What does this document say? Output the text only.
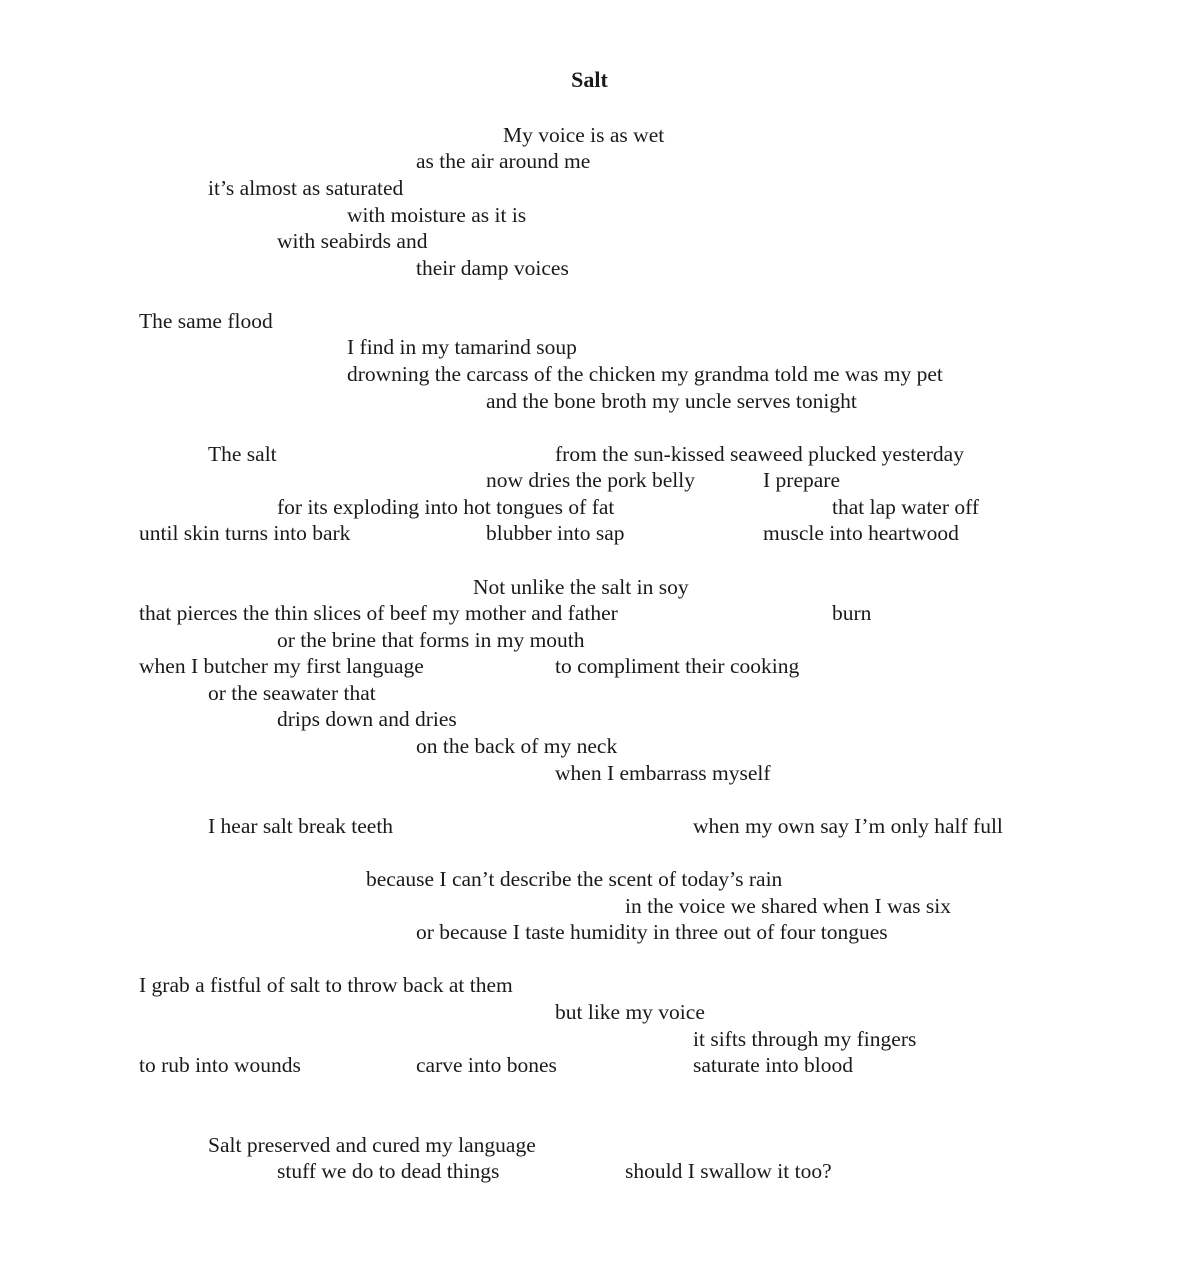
Salt
My voice is as wet
as the air around me
it’s almost as saturated
with moisture as it is
with seabirds and
their damp voices
The same flood
I find in my tamarind soup
drowning the carcass of the chicken my grandma told me was my pet
and the bone broth my uncle serves tonight
The salt	from the sun-kissed seaweed plucked yesterday
now dries the pork belly	I prepare
for its exploding into hot tongues of fat	that lap water off
until skin turns into bark	blubber into sap	muscle into heartwood
Not unlike the salt in soy
that pierces the thin slices of beef my mother and father	burn
or the brine that forms in my mouth
when I butcher my first language	to compliment their cooking
or the seawater that
drips down and dries
on the back of my neck
when I embarrass myself
I hear salt break teeth	when my own say I’m only half full
because I can’t describe the scent of today’s rain
in the voice we shared when I was six
or because I taste humidity in three out of four tongues
I grab a fistful of salt to throw back at them
but like my voice
it sifts through my fingers
to rub into wounds	carve into bones	saturate into blood
Salt preserved and cured my language
stuff we do to dead things	should I swallow it too?
